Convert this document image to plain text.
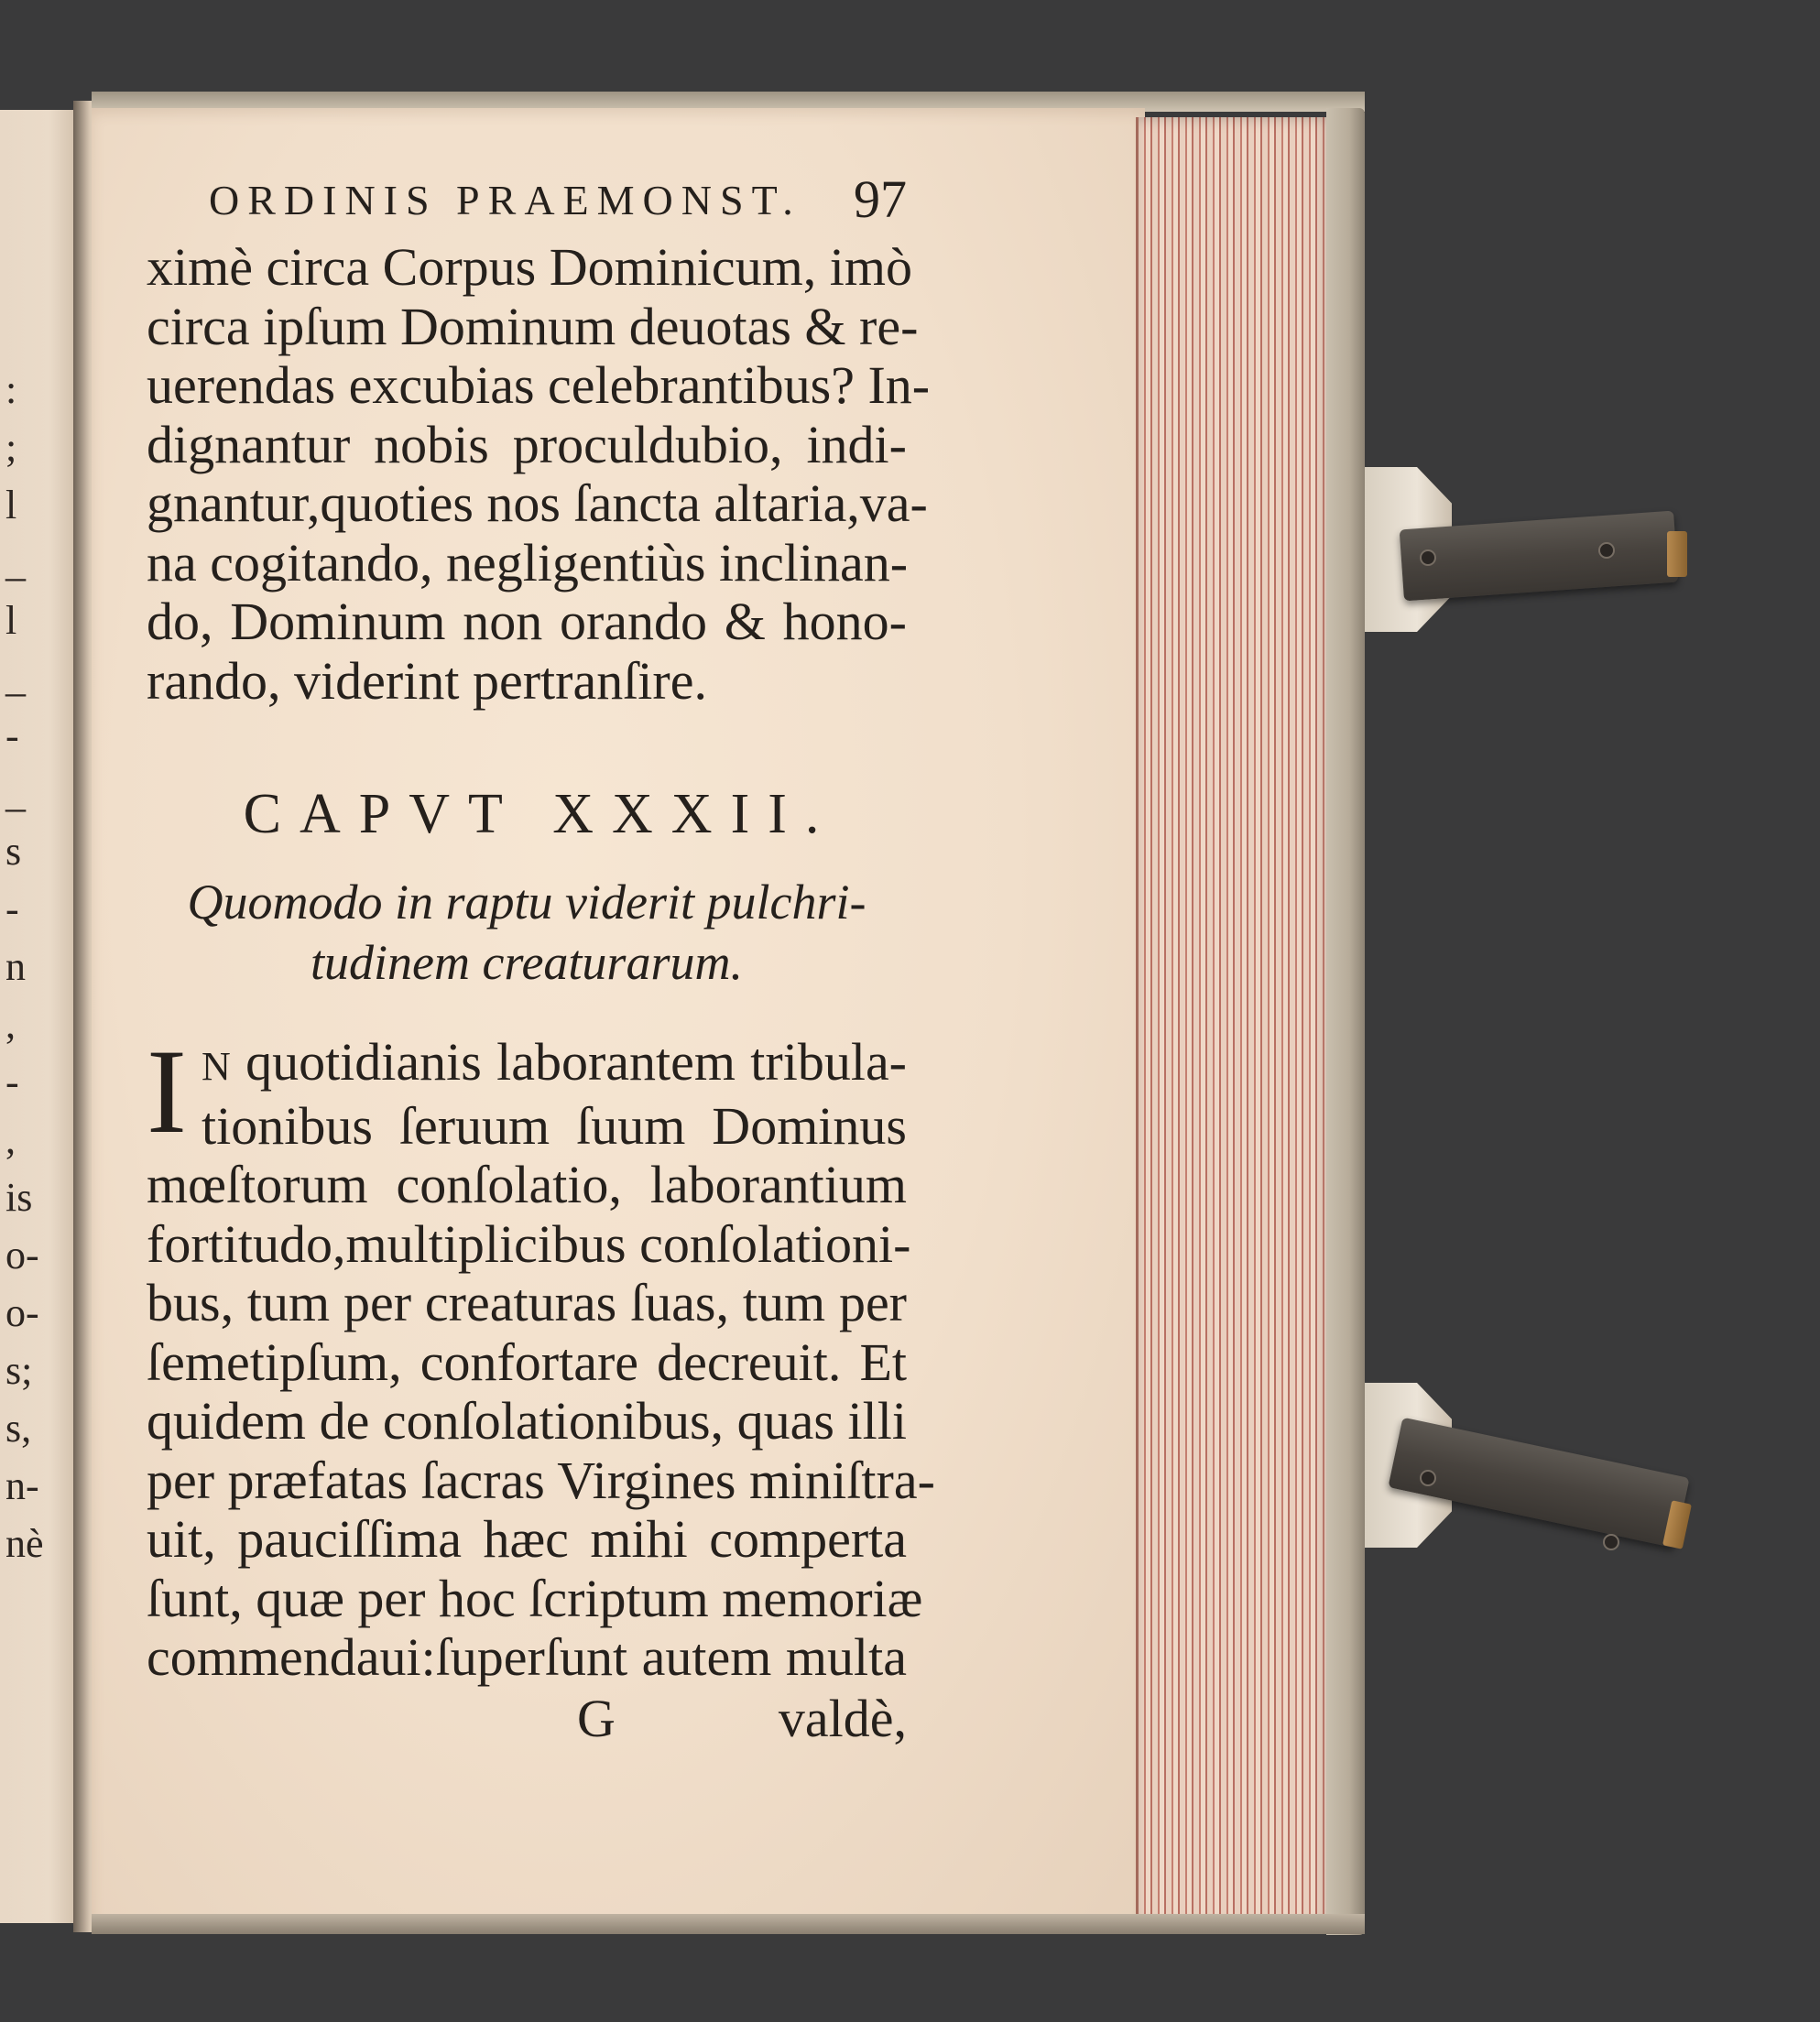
:
;
l
_
l
_
-
_
s
-
n
,
-
,
is
o-
o-
s;
s,
n-
nè
ORDINIS PRAEMONST. 97

ximè circa Corpus Dominicum, imò

circa ipſum Dominum deuotas & re-

uerendas excubias celebrantibus? In-

dignantur nobis proculdubio, indi-

gnantur,quoties nos ſancta altaria,va-

na cogitando, negligentiùs inclinan-

do, Dominum non orando & hono-

rando, viderint pertranſire.

CAPVT XXXII.
Quomodo in raptu viderit pulchri-
tudinem creaturarum.
I N quotidianis laborantem tribula-

tionibus ſeruum ſuum Dominus

mœſtorum conſolatio, laborantium

fortitudo,multiplicibus conſolationi-

bus, tum per creaturas ſuas, tum per

ſemetipſum, confortare decreuit. Et

quidem de conſolationibus, quas illi

per præfatas ſacras Virgines miniſtra-

uit, pauciſſima hæc mihi comperta

ſunt, quæ per hoc ſcriptum memoriæ

commendaui:ſuperſunt autem multa

G	valdè,
